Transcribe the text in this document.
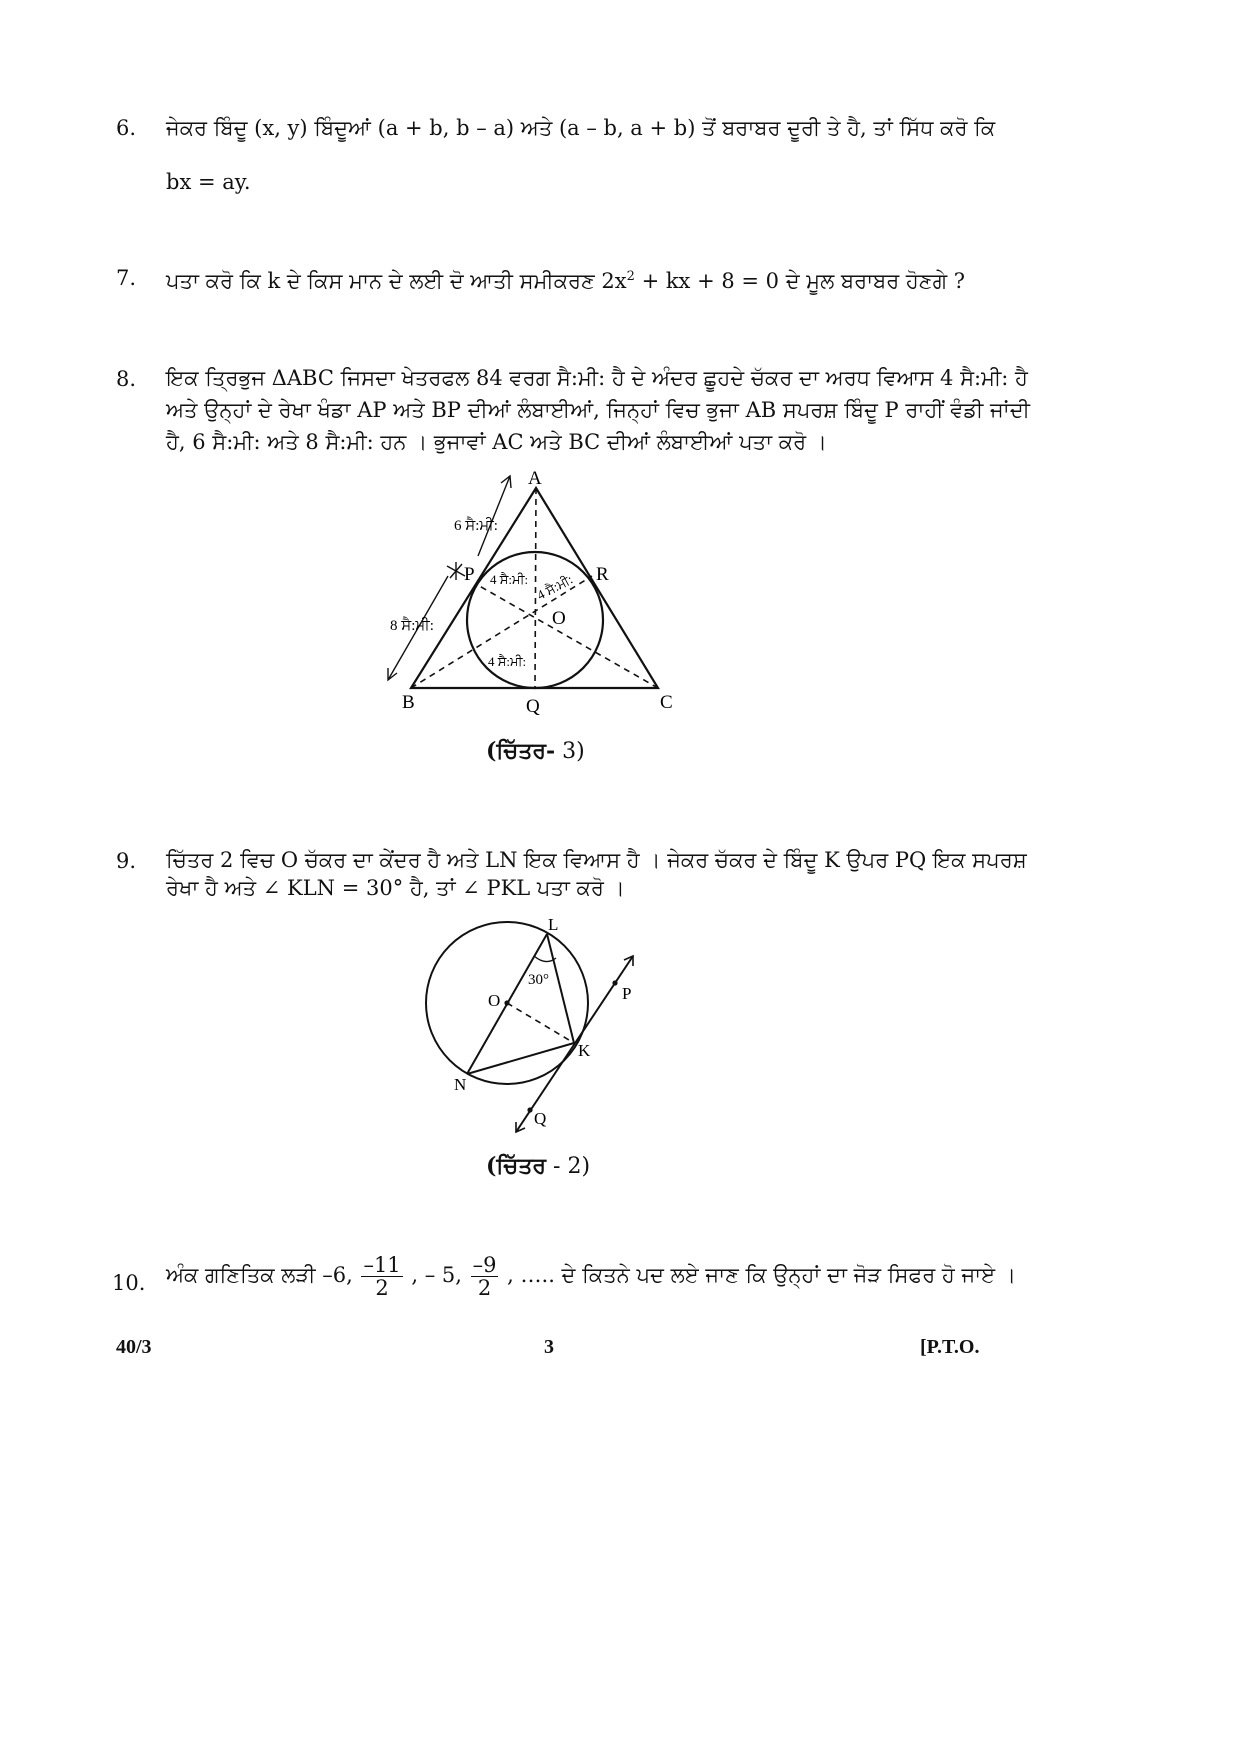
6. ਜੇਕਰ ਬਿੰਦੂ (x, y) ਬਿੰਦੂਆਂ (a + b, b – a) ਅਤੇ (a – b, a + b) ਤੋਂ ਬਰਾਬਰ ਦੂਰੀ ਤੇ ਹੈ, ਤਾਂ ਸਿੱਧ ਕਰੋ ਕਿ
bx = ay.
7. ਪਤਾ ਕਰੋ ਕਿ k ਦੇ ਕਿਸ ਮਾਨ ਦੇ ਲਈ ਦੋ ਆਤੀ ਸਮੀਕਰਣ $2x^2$ + kx + 8 = 0 ਦੇ ਮੂਲ ਬਰਾਬਰ ਹੋਣਗੇ ?
8. ਇਕ ਤ੍ਰਿਭੁਜ ΔABC ਜਿਸਦਾ ਖੇਤਰਫਲ 84 ਵਰਗ ਸੈ:ਮੀ: ਹੈ ਦੇ ਅੰਦਰ ਛੂਹਦੇ ਚੱਕਰ ਦਾ ਅਰਧ ਵਿਆਸ 4 ਸੈ:ਮੀ: ਹੈ
ਅਤੇ ਉਨ੍ਹਾਂ ਦੇ ਰੇਖਾ ਖੰਡਾ AP ਅਤੇ BP ਦੀਆਂ ਲੰਬਾਈਆਂ, ਜਿਨ੍ਹਾਂ ਵਿਚ ਭੁਜਾ AB ਸਪਰਸ਼ ਬਿੰਦੂ P ਰਾਹੀਂ ਵੰਡੀ ਜਾਂਦੀ
ਹੈ, 6 ਸੈ:ਮੀ: ਅਤੇ 8 ਸੈ:ਮੀ: ਹਨ । ਭੁਜਾਵਾਂ AC ਅਤੇ BC ਦੀਆਂ ਲੰਬਾਈਆਂ ਪਤਾ ਕਰੋ ।
A
B	C
P
Q
R
O
6 ਸੈ:ਮੀ:
8 ਸੈ:ਮੀ:
4 ਸੈ:ਮੀ: 4 ਸੈ:ਮੀ:
4 ਸੈ:ਮੀ:
(ਚਿੱਤਰ- 3)
9. ਚਿੱਤਰ 2 ਵਿਚ O ਚੱਕਰ ਦਾ ਕੇਂਦਰ ਹੈ ਅਤੇ LN ਇਕ ਵਿਆਸ ਹੈ । ਜੇਕਰ ਚੱਕਰ ਦੇ ਬਿੰਦੂ K ਉਪਰ PQ ਇਕ ਸਪਰਸ਼
ਰੇਖਾ ਹੈ ਅਤੇ ∠ KLN = 30° ਹੈ, ਤਾਂ ∠ PKL ਪਤਾ ਕਰੋ ।
L
O
N
K
P
Q
30°
(ਚਿੱਤਰ - 2)
10. ਅੰਕ ਗਣਿਤਿਕ ਲੜੀ –6, $\frac{-11}{2}$ , – 5, $\frac{-9}{2}$ , ….. ਦੇ ਕਿਤਨੇ ਪਦ ਲਏ ਜਾਣ ਕਿ ਉਨ੍ਹਾਂ ਦਾ ਜੋੜ ਸਿਫਰ ਹੋ ਜਾਏ ।
40/3	3	[P.T.O.
